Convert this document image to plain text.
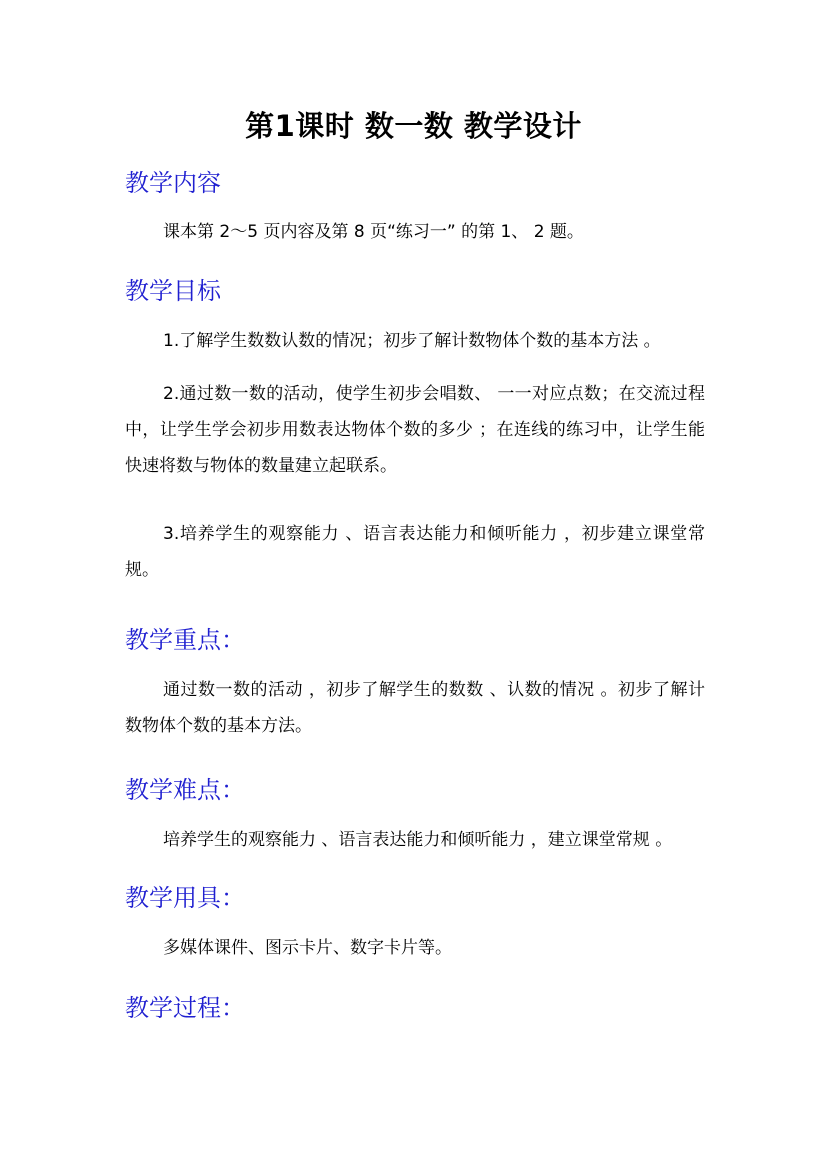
第1课时 数一数 教学设计
教学内容
课本第 2～5 页内容及第 8 页“练习一” 的第 1、 2 题。
教学目标
1.了解学生数数认数的情况；初步了解计数物体个数的基本方法 。
2.通过数一数的活动，使学生初步会唱数、 一一对应点数；在交流过程中，让学生学会初步用数表达物体个数的多少 ；在连线的练习中，让学生能快速将数与物体的数量建立起联系。
3.培养学生的观察能力 、语言表达能力和倾听能力 ，初步建立课堂常规。
教学重点：
通过数一数的活动 ，初步了解学生的数数 、认数的情况 。初步了解计数物体个数的基本方法。
教学难点：
培养学生的观察能力 、语言表达能力和倾听能力 ，建立课堂常规 。
教学用具：
多媒体课件、图示卡片、数字卡片等。
教学过程：
